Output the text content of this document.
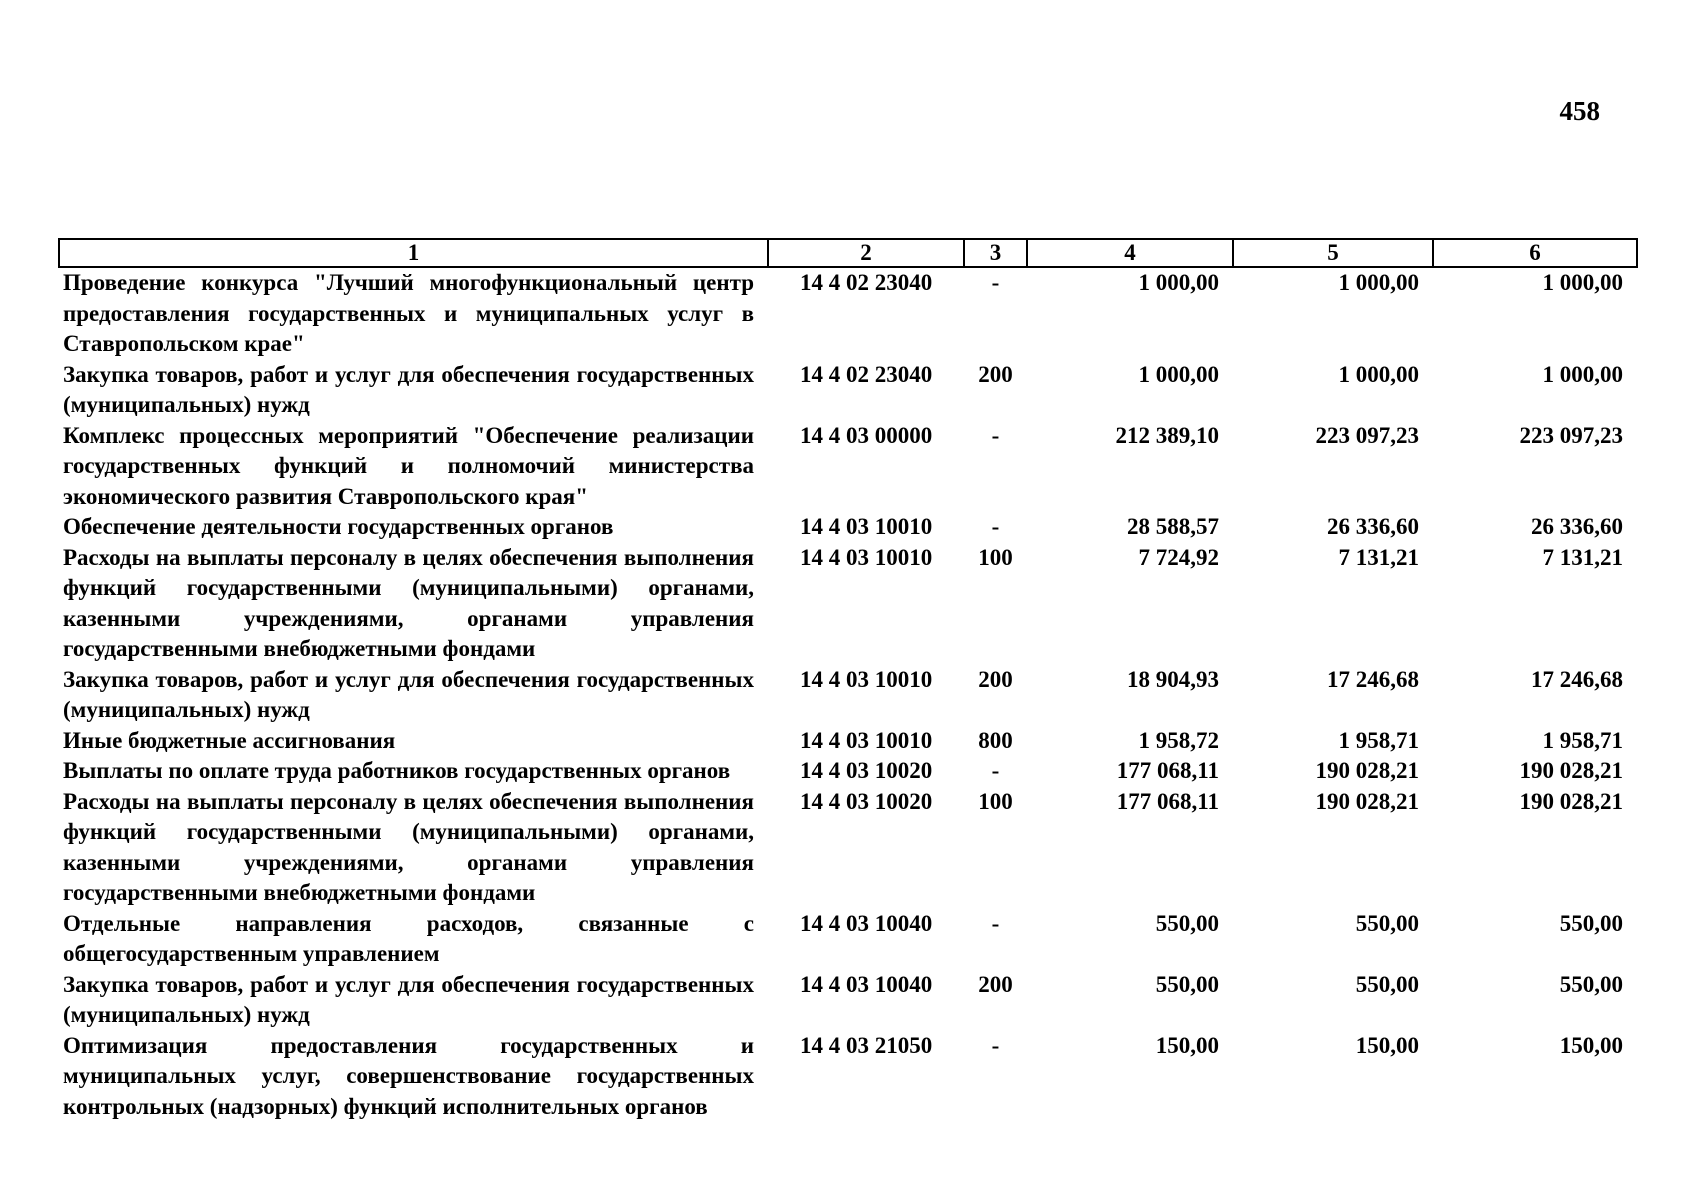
458
1	2	3	4	5	6
Проведение конкурса "Лучший многофункциональный центр предоставления государственных и муниципальных услуг в Ставропольском крае"	14 4 02 23040	-	1 000,00	1 000,00	1 000,00
Закупка товаров, работ и услуг для обеспечения государственных (муниципальных) нужд	14 4 02 23040	200	1 000,00	1 000,00	1 000,00
Комплекс процессных мероприятий "Обеспечение реализации государственных функций и полномочий министерства экономического развития Ставропольского края"	14 4 03 00000	-	212 389,10	223 097,23	223 097,23
Обеспечение деятельности государственных органов	14 4 03 10010	-	28 588,57	26 336,60	26 336,60
Расходы на выплаты персоналу в целях обеспечения выполнения функций государственными (муниципальными) органами, казенными учреждениями, органами управления государственными внебюджетными фондами	14 4 03 10010	100	7 724,92	7 131,21	7 131,21
Закупка товаров, работ и услуг для обеспечения государственных (муниципальных) нужд	14 4 03 10010	200	18 904,93	17 246,68	17 246,68
Иные бюджетные ассигнования	14 4 03 10010	800	1 958,72	1 958,71	1 958,71
Выплаты по оплате труда работников государственных органов	14 4 03 10020	-	177 068,11	190 028,21	190 028,21
Расходы на выплаты персоналу в целях обеспечения выполнения функций государственными (муниципальными) органами, казенными учреждениями, органами управления государственными внебюджетными фондами	14 4 03 10020	100	177 068,11	190 028,21	190 028,21
Отдельные направления расходов, связанные с общегосударственным управлением	14 4 03 10040	-	550,00	550,00	550,00
Закупка товаров, работ и услуг для обеспечения государственных (муниципальных) нужд	14 4 03 10040	200	550,00	550,00	550,00
Оптимизация предоставления государственных и муниципальных услуг, совершенствование государственных контрольных (надзорных) функций исполнительных органов	14 4 03 21050	-	150,00	150,00	150,00
